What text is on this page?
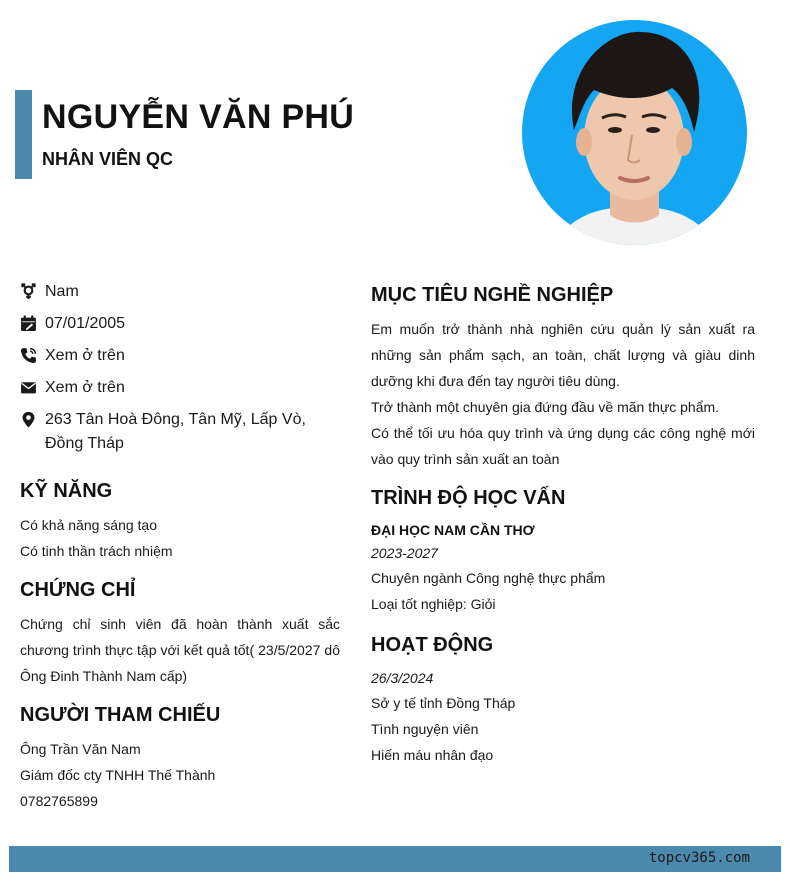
NGUYỄN VĂN PHÚ
NHÂN VIÊN QC
Nam
07/01/2005
Xem ở trên
Xem ở trên
263 Tân Hoà Đông, Tân Mỹ, Lấp Vò, Đồng Tháp
KỸ NĂNG
Có khả năng sáng tạo
Có tinh thần trách nhiệm
CHỨNG CHỈ
Chứng chỉ sinh viên đã hoàn thành xuất sắc chương trình thực tập với kết quả tốt( 23/5/2027 dô Ông Đinh Thành Nam cấp)
NGƯỜI THAM CHIẾU
Ông Trần Văn Nam
Giám đốc cty TNHH Thế Thành
0782765899
MỤC TIÊU NGHỀ NGHIỆP
Em muốn trở thành nhà nghiên cứu quản lý sản xuất ra những sản phẩm sạch, an toàn, chất lượng và giàu dinh dưỡng khi đưa đến tay người tiêu dùng.
Trở thành một chuyên gia đứng đầu về mãn thực phẩm.
Có thể tối ưu hóa quy trình và ứng dụng các công nghệ mới vào quy trình sản xuất an toàn
TRÌNH ĐỘ HỌC VẤN
ĐẠI HỌC NAM CẦN THƠ
2023-2027
Chuyên ngành Công nghệ thực phẩm
Loại tốt nghiệp: Giỏi
HOẠT ĐỘNG
26/3/2024
Sở y tế tỉnh Đồng Tháp
Tình nguyện viên
Hiến máu nhân đạo
topcv365.com
